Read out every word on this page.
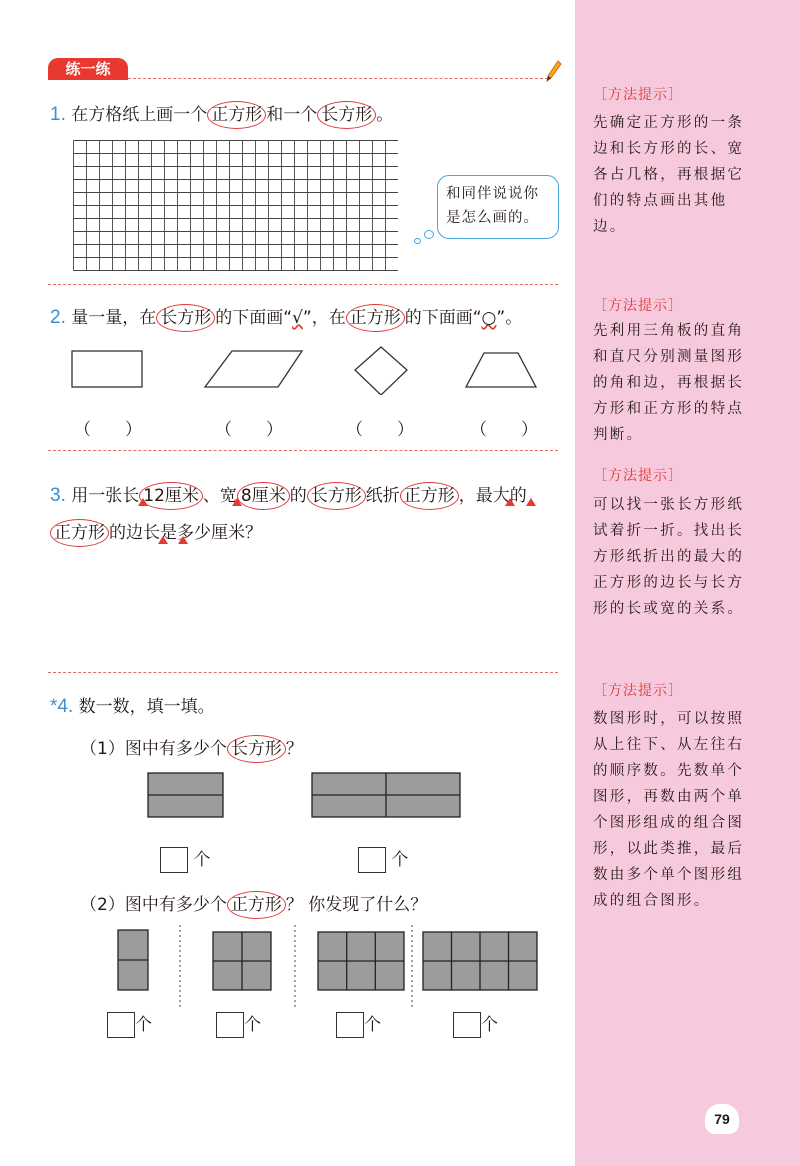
练一练
1. 在方格纸上画一个 正方形 和一个 长方形 。
和同伴说说你是怎么画的。
2. 量一量，在 长方形 的下面画“√”，在 正方形 的下面画“○”。
（　　）	（　　）	（　　）	（　　）
3. 用一张长 12厘米 、宽 8厘米 的 长方形 纸折 正方形 ，最大的
正方形 的边长是多少厘米？
*4. 数一数，填一填。
（1）图中有多少个 长方形 ？
个	个
（2）图中有多少个 正方形 ？ 你发现了什么？
个	个	个	个
［方法提示］
先确定正方形的一条边和长方形的长、宽各占几格，再根据它们的特点画出其他边。
［方法提示］
先利用三角板的直角和直尺分别测量图形的角和边，再根据长方形和正方形的特点判断。
［方法提示］
可以找一张长方形纸试着折一折。找出长方形纸折出的最大的正方形的边长与长方形的长或宽的关系。
［方法提示］
数图形时，可以按照从上往下、从左往右的顺序数。先数单个图形，再数由两个单个图形组成的组合图形，以此类推，最后数由多个单个图形组成的组合图形。
79
